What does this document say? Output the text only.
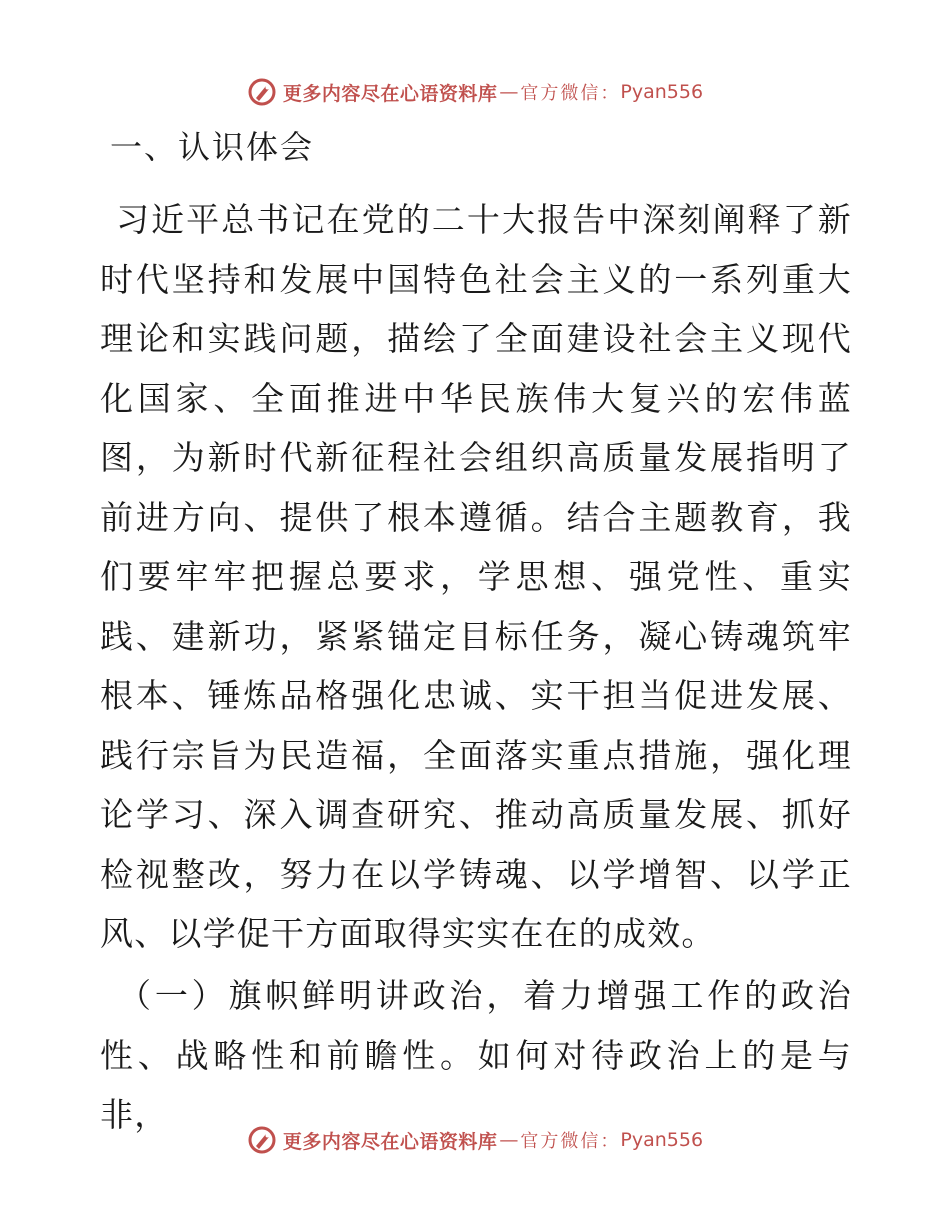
更多内容尽在心语资料库 — 官方微信： Pyan556
一、认识体会

习近平总书记在党的二十大报告中深刻阐释了新时代坚持和发展中国特色社会主义的一系列重大理论和实践问题，描绘了全面建设社会主义现代化国家、全面推进中华民族伟大复兴的宏伟蓝图，为新时代新征程社会组织高质量发展指明了前进方向、提供了根本遵循。结合主题教育，我们要牢牢把握总要求，学思想、强党性、重实践、建新功，紧紧锚定目标任务，凝心铸魂筑牢根本、锤炼品格强化忠诚、实干担当促进发展、践行宗旨为民造福，全面落实重点措施，强化理论学习、深入调查研究、推动高质量发展、抓好检视整改，努力在以学铸魂、以学增智、以学正风、以学促干方面取得实实在在的成效。

（一）旗帜鲜明讲政治，着力增强工作的政治性、战略性和前瞻性。如何对待政治上的是与非，

更多内容尽在心语资料库 — 官方微信： Pyan556
